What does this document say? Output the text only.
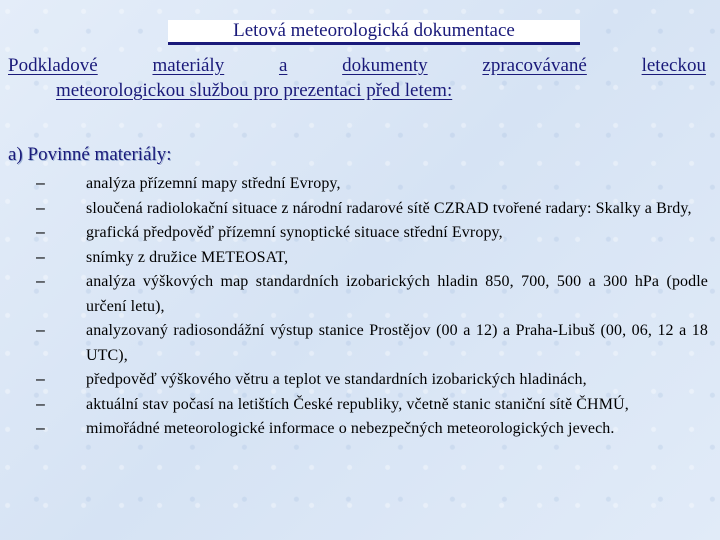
Letová meteorologická dokumentace
Podkladové	materiály	a	dokumenty	zpracovávané	leteckou
meteorologickou službou pro prezentaci před letem:
a) Povinné materiály:
–	analýza přízemní mapy střední Evropy,
–	sloučená radiolokační situace z národní radarové sítě CZRAD tvořené radary: Skalky a Brdy,
–	grafická předpověď přízemní synoptické situace střední Evropy,
–	snímky z družice METEOSAT,
–	analýza výškových map standardních izobarických hladin 850, 700, 500 a 300 hPa (podle určení letu),
–	analyzovaný radiosondážní výstup stanice Prostějov (00 a 12) a Praha-Libuš (00, 06, 12 a 18 UTC),
–	předpověď výškového větru a teplot ve standardních izobarických hladinách,
–	aktuální stav počasí na letištích České republiky, včetně stanic staniční sítě ČHMÚ,
–	mimořádné meteorologické informace o nebezpečných meteorologických jevech.
